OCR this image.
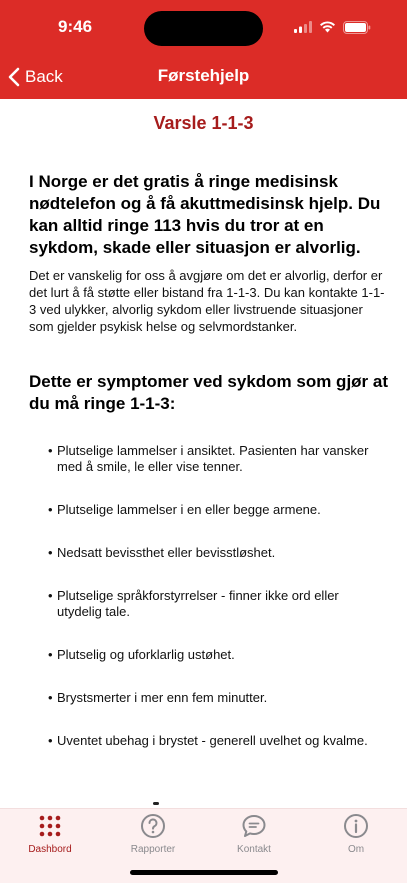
9:46
Back	Førstehjelp
Varsle 1-1-3

I Norge er det gratis å ringe medisinsk nødtelefon og å få akuttmedisinsk hjelp. Du kan alltid ringe 113 hvis du tror at en sykdom, skade eller situasjon er alvorlig.

Det er vanskelig for oss å avgjøre om det er alvorlig, derfor er det lurt å få støtte eller bistand fra 1-1-3. Du kan kontakte 1-1-3 ved ulykker, alvorlig sykdom eller livstruende situasjoner som gjelder psykisk helse og selvmordstanker.

Dette er symptomer ved sykdom som gjør at du må ringe 1-1-3:

• Plutselige lammelser i ansiktet. Pasienten har vansker med å smile, le eller vise tenner.
• Plutselige lammelser i en eller begge armene.
• Nedsatt bevissthet eller bevisstløshet.
• Plutselige språkforstyrrelser - finner ikke ord eller utydelig tale.
• Plutselig og uforklarlig ustøhet.
• Brystsmerter i mer enn fem minutter.
• Uventet ubehag i brystet - generell uvelhet og kvalme.
Dashbord	Rapporter	Kontakt	Om
